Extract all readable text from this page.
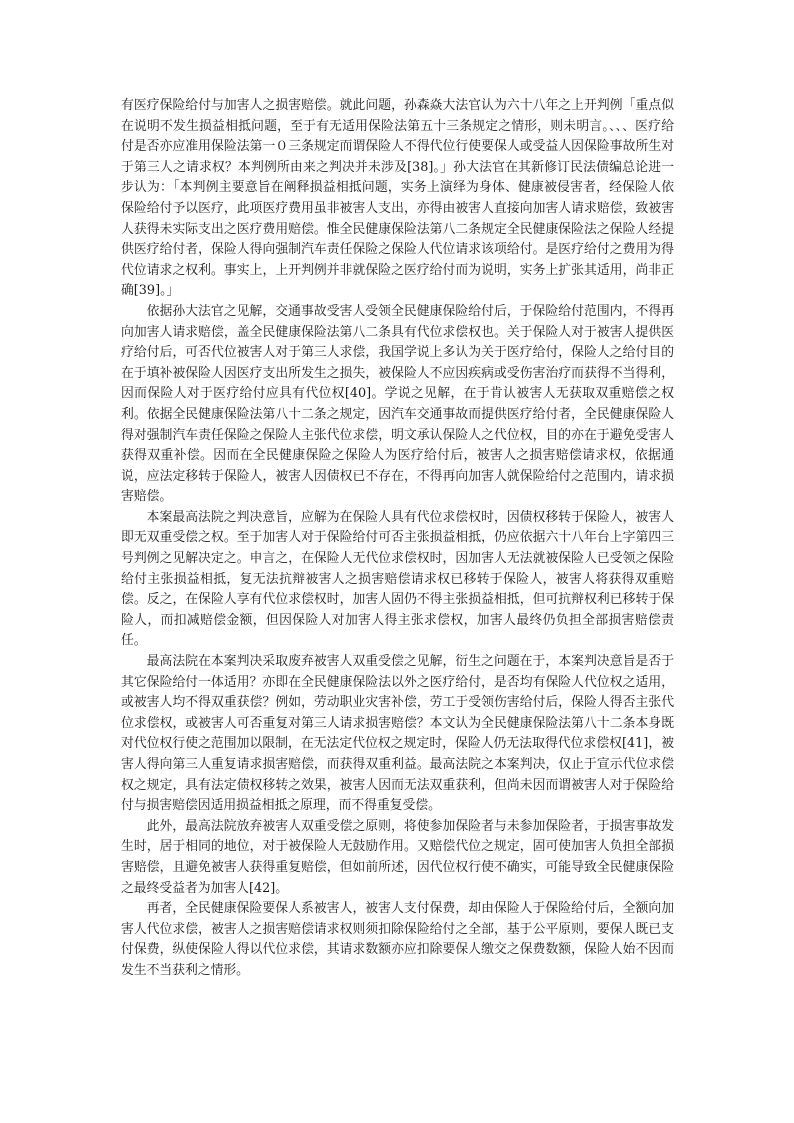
有医疗保险给付与加害人之损害赔偿。就此问题，孙森焱大法官认为六十八年之上开判例「重点似在说明不发生损益相抵问题，至于有无适用保险法第五十三条规定之情形，则未明言。、、、医疗给付是否亦应准用保险法第一０三条规定而谓保险人不得代位行使要保人或受益人因保险事故所生对于第三人之请求权？本判例所由来之判决并未涉及[38]。」孙大法官在其新修订民法债编总论进一步认为：「本判例主要意旨在阐释损益相抵问题，实务上演绎为身体、健康被侵害者，经保险人依保险给付予以医疗，此项医疗费用虽非被害人支出，亦得由被害人直接向加害人请求赔偿，致被害人获得未实际支出之医疗费用赔偿。惟全民健康保险法第八二条规定全民健康保险法之保险人经提供医疗给付者，保险人得向强制汽车责任保险之保险人代位请求该项给付。是医疗给付之费用为得代位请求之权利。事实上，上开判例并非就保险之医疗给付而为说明，实务上扩张其适用，尚非正确[39]。」

依据孙大法官之见解，交通事故受害人受领全民健康保险给付后，于保险给付范围内，不得再向加害人请求赔偿，盖全民健康保险法第八二条具有代位求偿权也。关于保险人对于被害人提供医疗给付后，可否代位被害人对于第三人求偿，我国学说上多认为关于医疗给付，保险人之给付目的在于填补被保险人因医疗支出所发生之损失，被保险人不应因疾病或受伤害治疗而获得不当得利，因而保险人对于医疗给付应具有代位权[40]。学说之见解，在于肯认被害人无获取双重赔偿之权利。依据全民健康保险法第八十二条之规定，因汽车交通事故而提供医疗给付者，全民健康保险人得对强制汽车责任保险之保险人主张代位求偿，明文承认保险人之代位权，目的亦在于避免受害人获得双重补偿。因而在全民健康保险之保险人为医疗给付后，被害人之损害赔偿请求权，依据通说，应法定移转于保险人，被害人因债权已不存在，不得再向加害人就保险给付之范围内，请求损害赔偿。

本案最高法院之判决意旨，应解为在保险人具有代位求偿权时，因债权移转于保险人，被害人即无双重受偿之权。至于加害人对于保险给付可否主张损益相抵，仍应依据六十八年台上字第四三号判例之见解决定之。申言之，在保险人无代位求偿权时，因加害人无法就被保险人已受领之保险给付主张损益相抵，复无法抗辩被害人之损害赔偿请求权已移转于保险人，被害人将获得双重赔偿。反之，在保险人享有代位求偿权时，加害人固仍不得主张损益相抵，但可抗辩权利已移转于保险人，而扣减赔偿金额，但因保险人对加害人得主张求偿权，加害人最终仍负担全部损害赔偿责任。

最高法院在本案判决采取废弃被害人双重受偿之见解，衍生之问题在于，本案判决意旨是否于其它保险给付一体适用？亦即在全民健康保险法以外之医疗给付，是否均有保险人代位权之适用，或被害人均不得双重获偿？例如，劳动职业灾害补偿，劳工于受领伤害给付后，保险人得否主张代位求偿权，或被害人可否重复对第三人请求损害赔偿？本文认为全民健康保险法第八十二条本身既对代位权行使之范围加以限制，在无法定代位权之规定时，保险人仍无法取得代位求偿权[41]，被害人得向第三人重复请求损害赔偿，而获得双重利益。最高法院之本案判决，仅止于宣示代位求偿权之规定，具有法定债权移转之效果，被害人因而无法双重获利，但尚未因而谓被害人对于保险给付与损害赔偿因适用损益相抵之原理，而不得重复受偿。

此外，最高法院放弃被害人双重受偿之原则，将使参加保险者与未参加保险者，于损害事故发生时，居于相同的地位，对于被保险人无鼓励作用。又赔偿代位之规定，固可使加害人负担全部损害赔偿，且避免被害人获得重复赔偿，但如前所述，因代位权行使不确实，可能导致全民健康保险之最终受益者为加害人[42]。

再者，全民健康保险要保人系被害人，被害人支付保费，却由保险人于保险给付后，全额向加害人代位求偿，被害人之损害赔偿请求权则须扣除保险给付之全部，基于公平原则，要保人既已支付保费，纵使保险人得以代位求偿，其请求数额亦应扣除要保人缴交之保费数额，保险人始不因而发生不当获利之情形。
